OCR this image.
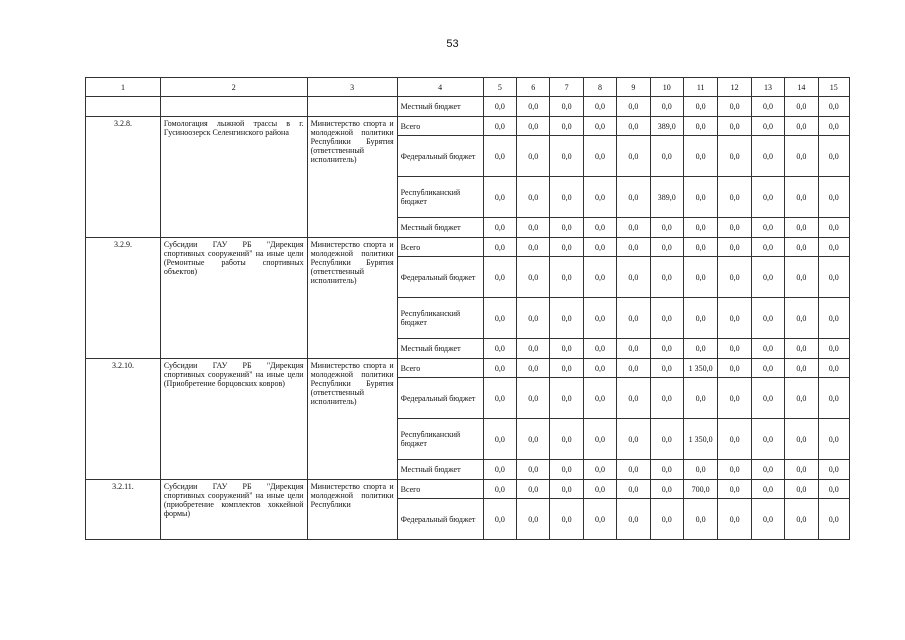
53
1	2	3	4	5	6	7	8	9	10	11	12	13	14	15
			Местный бюджет	0,0	0,0	0,0	0,0	0,0	0,0	0,0	0,0	0,0	0,0	0,0
3.2.8.	Гомологация лыжной трассы в г. Гусиноозерск Селенгинского района	Министерство спорта и молодежной политики Республики Бурятия (ответственный исполнитель)	Всего	0,0	0,0	0,0	0,0	0,0	389,0	0,0	0,0	0,0	0,0	0,0
			Федеральный бюджет	0,0	0,0	0,0	0,0	0,0	0,0	0,0	0,0	0,0	0,0	0,0
			Республиканский бюджет	0,0	0,0	0,0	0,0	0,0	389,0	0,0	0,0	0,0	0,0	0,0
			Местный бюджет	0,0	0,0	0,0	0,0	0,0	0,0	0,0	0,0	0,0	0,0	0,0
3.2.9.	Субсидии ГАУ РБ "Дирекция спортивных сооружений" на иные цели (Ремонтные работы спортивных объектов)	Министерство спорта и молодежной политики Республики Бурятия (ответственный исполнитель)	Всего	0,0	0,0	0,0	0,0	0,0	0,0	0,0	0,0	0,0	0,0	0,0
			Федеральный бюджет	0,0	0,0	0,0	0,0	0,0	0,0	0,0	0,0	0,0	0,0	0,0
			Республиканский бюджет	0,0	0,0	0,0	0,0	0,0	0,0	0,0	0,0	0,0	0,0	0,0
			Местный бюджет	0,0	0,0	0,0	0,0	0,0	0,0	0,0	0,0	0,0	0,0	0,0
3.2.10.	Субсидии ГАУ РБ "Дирекция спортивных сооружений" на иные цели (Приобретение борцовских ковров)	Министерство спорта и молодежной политики Республики Бурятия (ответственный исполнитель)	Всего	0,0	0,0	0,0	0,0	0,0	0,0	1 350,0	0,0	0,0	0,0	0,0
			Федеральный бюджет	0,0	0,0	0,0	0,0	0,0	0,0	0,0	0,0	0,0	0,0	0,0
			Республиканский бюджет	0,0	0,0	0,0	0,0	0,0	0,0	1 350,0	0,0	0,0	0,0	0,0
			Местный бюджет	0,0	0,0	0,0	0,0	0,0	0,0	0,0	0,0	0,0	0,0	0,0
3.2.11.	Субсидии ГАУ РБ "Дирекция спортивных сооружений" на иные цели (приобретение комплектов хоккейной формы)	Министерство спорта и молодежной политики Республики	Всего	0,0	0,0	0,0	0,0	0,0	0,0	700,0	0,0	0,0	0,0	0,0
			Федеральный бюджет	0,0	0,0	0,0	0,0	0,0	0,0	0,0	0,0	0,0	0,0	0,0
